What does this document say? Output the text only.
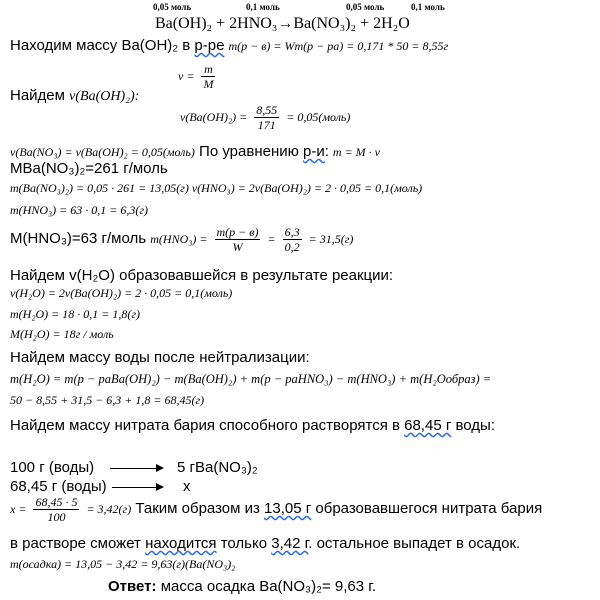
0,05 моль	0,1 моль	0,05 моль	0,1 моль
Ba(OH)₂ + 2HNO₃→Ba(NO₃)₂ + 2H₂O
Находим массу Ba(OH)₂ в р-ре m(p − в) = Wm(p − pa) = 0,171 * 50 = 8,55г
$v = \frac{m}{M}$
Найдем v(Ba(OH)₂):
$v(Ba(OH)_2) = \frac{8,55}{171}$ = 0,05(моль)
v(Ba(NO₃) = v(Ba(OH)₂ = 0,05(моль) По уравнению р-и: m = M · v
MBa(NO₃)₂=261 г/моль
m(Ba(NO₃)₂) = 0,05 · 261 = 13,05(г) v(HNO₃) = 2v(Ba(OH)₂) = 2 · 0,05 = 0,1(моль)
m(HNO₃) = 63 · 0,1 = 6,3(г)
M(HNO₃)=63 г/моль $m(HNO_3) = \frac{m(p - в)}{W} = \frac{6,3}{0,2} = 31,5(г)$
Найдем v(H₂O) образовавшейся в результате реакции:
v(H₂O) = 2v(Ba(OH)₂) = 2 · 0,05 = 0,1(моль)
m(H₂O) = 18 · 0,1 = 1,8(г)
M(H₂O) = 18г / моль
Найдем массу воды после нейтрализации:
m(H₂O) = m(p − paBa(OH)₂) − m(Ba(OH)₂) + m(p − paHNO₃) − m(HNO₃) + m(H₂Oобраз) =
50 − 8,55 + 31,5 − 6,3 + 1,8 = 68,45(г)
Найдем массу нитрата бария способного растворятся в 68,45 г воды:
100 г (воды)	5 гBa(NO₃)₂
68,45 г (воды)	x
$x = \frac{68,45 \cdot 5}{100} = 3,42(г)$ Таким образом из 13,05 г образовавшегося нитрата бария
в растворе сможет находится только 3,42 г. остальное выпадет в осадок.
m(осадка) = 13,05 − 3,42 = 9,63(г)(Ba(NO₃)₂
Ответ: масса осадка Ba(NO₃)₂= 9,63 г.
